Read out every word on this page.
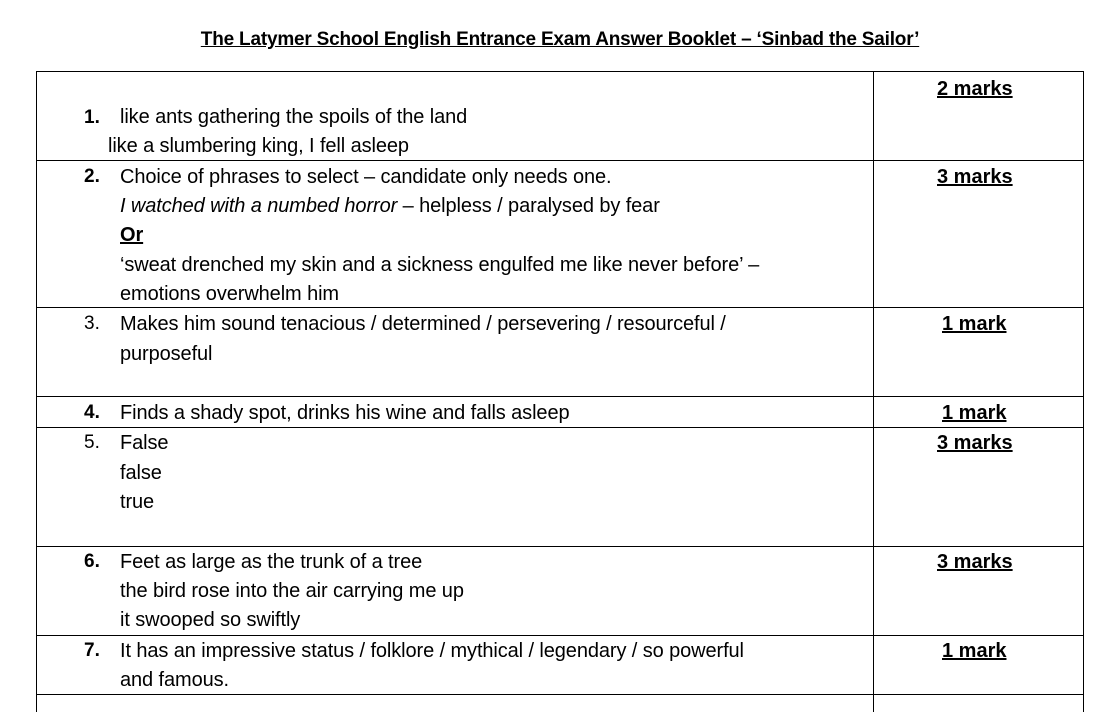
The Latymer School English Entrance Exam Answer Booklet – ‘Sinbad the Sailor’
1. like ants gathering the spoils of the land
like a slumbering king, I fell asleep
2 marks
2. Choice of phrases to select – candidate only needs one.
I watched with a numbed horror – helpless / paralysed by fear
Or
‘sweat drenched my skin and a sickness engulfed me like never before’ –
emotions overwhelm him
3 marks
3. Makes him sound tenacious / determined / persevering / resourceful /
purposeful
1 mark
4. Finds a shady spot, drinks his wine and falls asleep	1 mark
5. False
false
true
3 marks
6. Feet as large as the trunk of a tree
the bird rose into the air carrying me up
it swooped so swiftly
3 marks
7. It has an impressive status / folklore / mythical / legendary / so powerful
and famous.
1 mark
